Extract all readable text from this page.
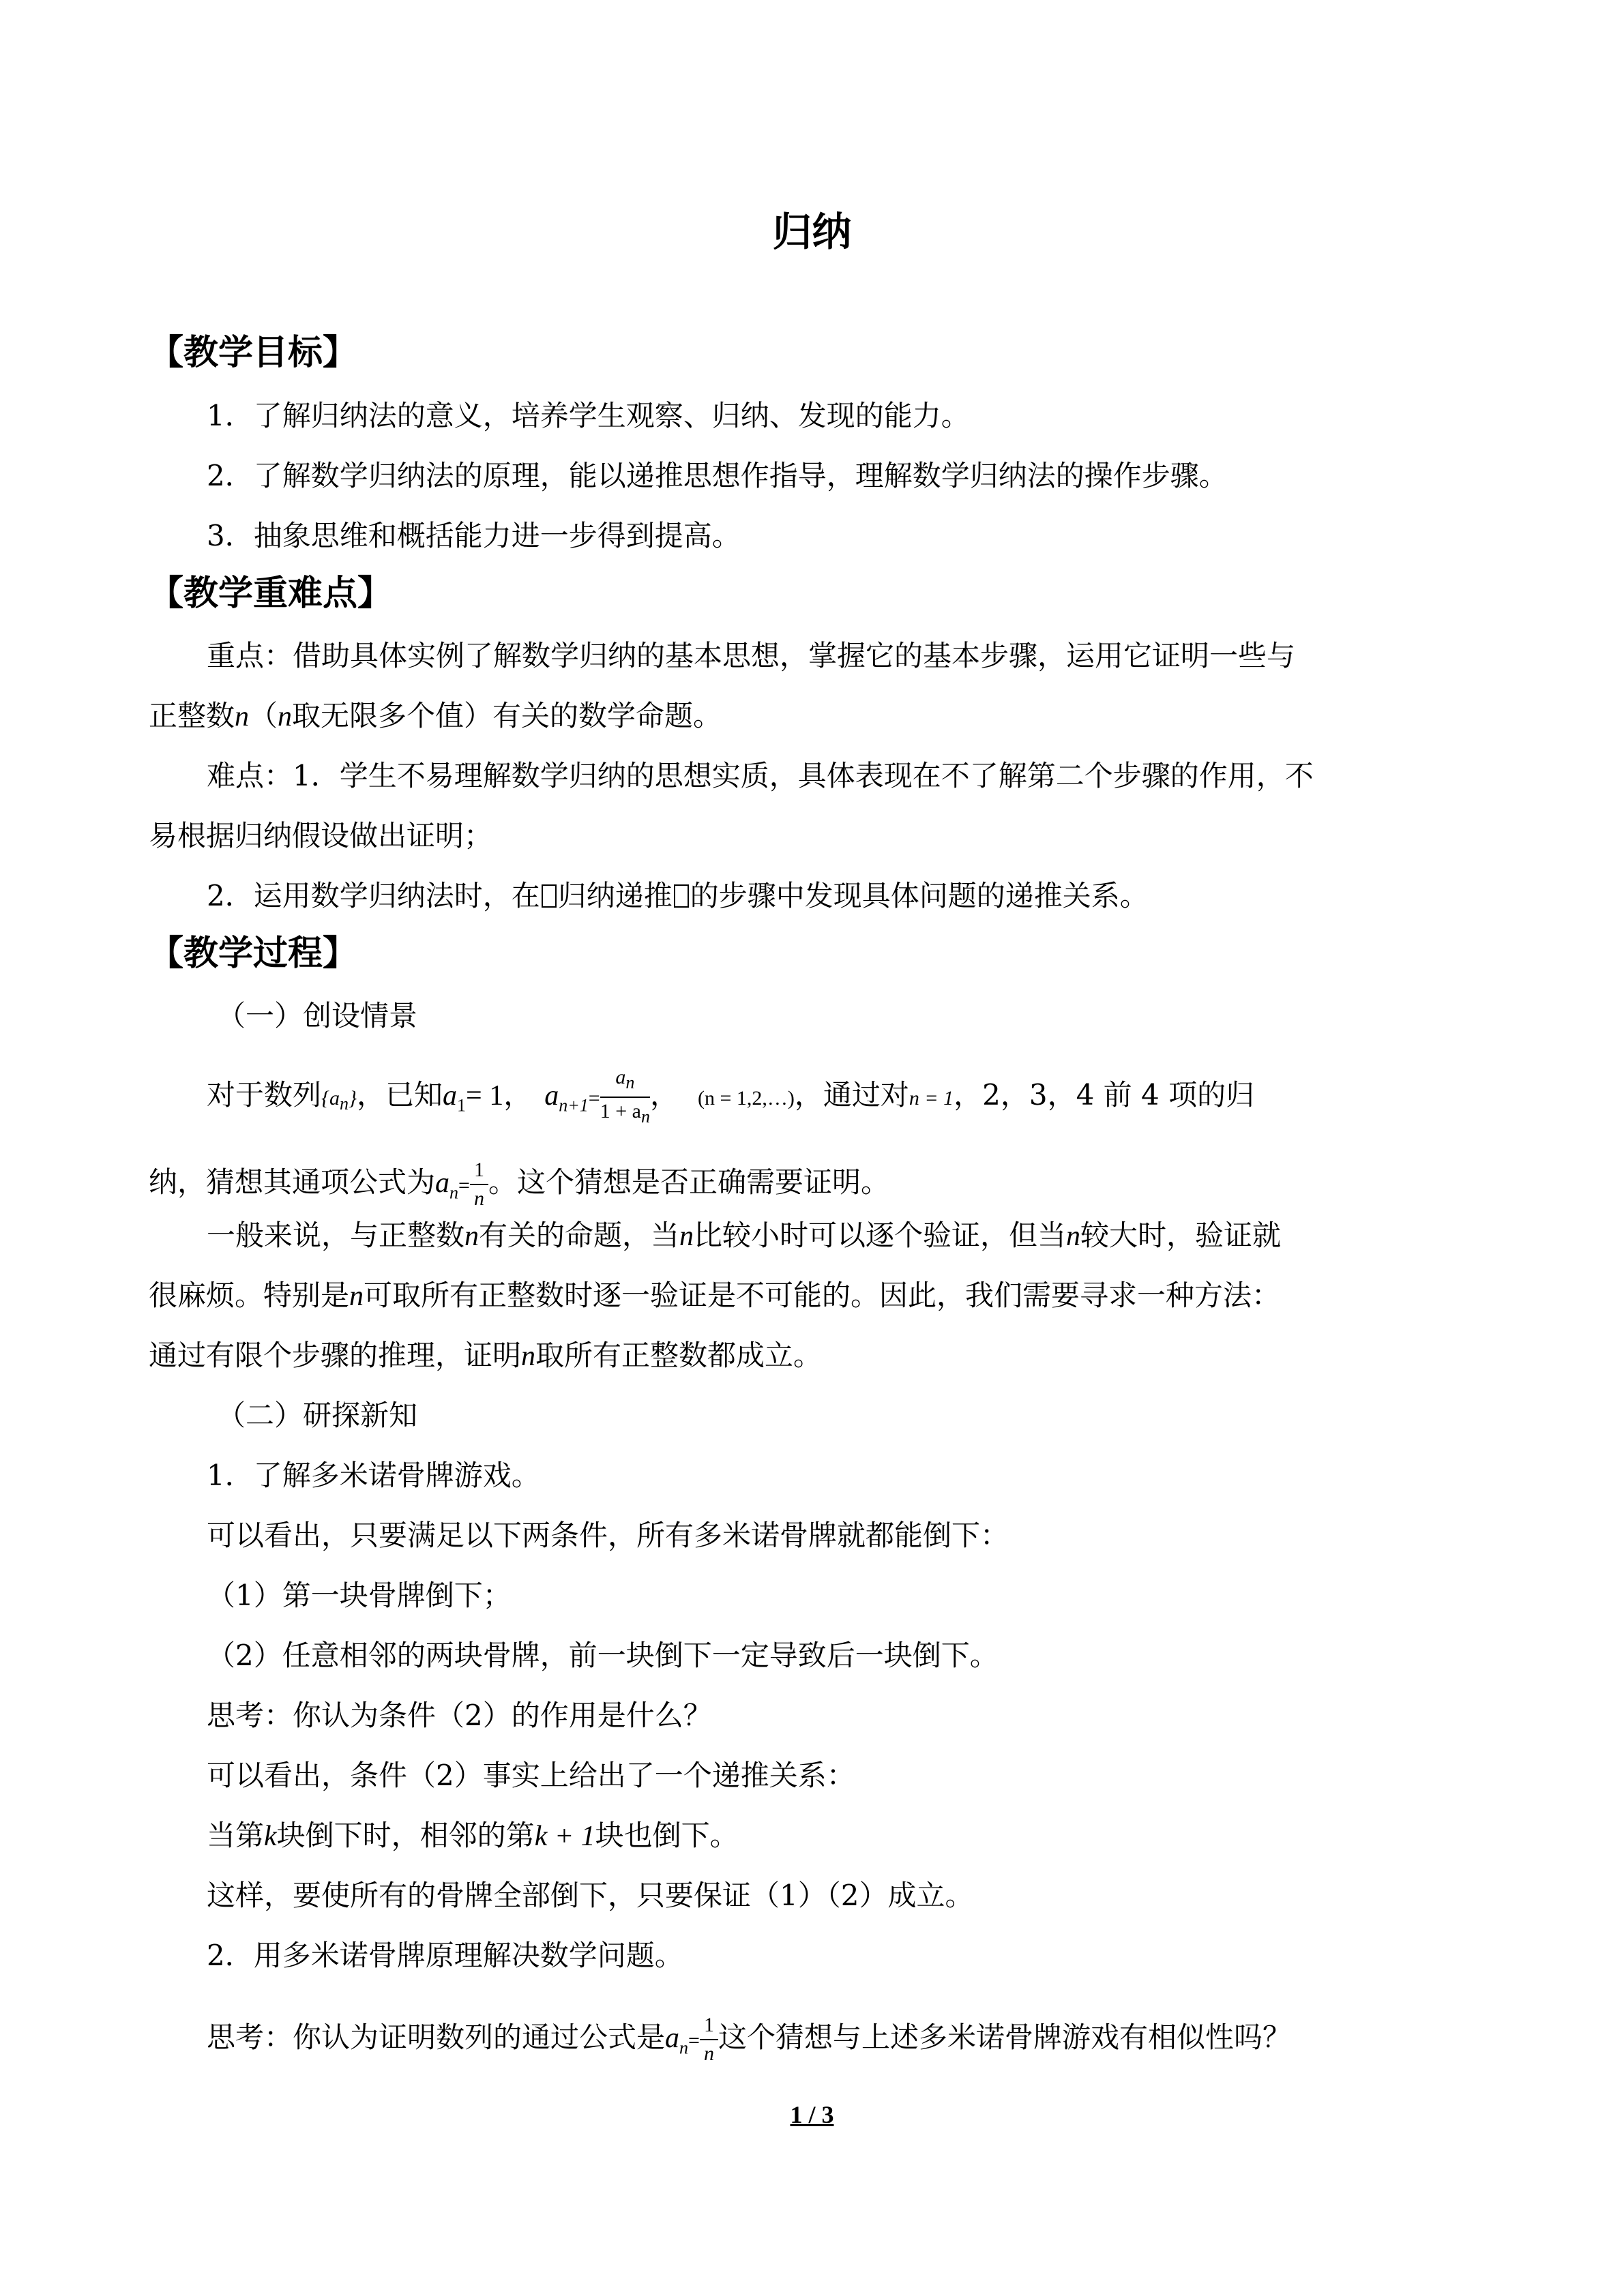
归纳
【教学目标】
1．了解归纳法的意义，培养学生观察、归纳、发现的能力。
2．了解数学归纳法的原理，能以递推思想作指导，理解数学归纳法的操作步骤。
3．抽象思维和概括能力进一步得到提高。
【教学重难点】
重点：借助具体实例了解数学归纳的基本思想，掌握它的基本步骤，运用它证明一些与
正整数n（n取无限多个值）有关的数学命题。
难点：1．学生不易理解数学归纳的思想实质，具体表现在不了解第二个步骤的作用，不
易根据归纳假设做出证明；
2．运用数学归纳法时，在 归纳递推 的步骤中发现具体问题的递推关系。
【教学过程】
（一）创设情景
对于数列$\{a_n\}$，已知$a_1= 1$， $a_{n+1}= \frac{a_n}{1 + a_n}$ ， (n = 1,2,…)，通过对n = 1，2，3，4 前 4 项的归
纳，猜想其通项公式为$a_n= \frac{1}{n}$ 。这个猜想是否正确需要证明。
一般来说，与正整数n有关的命题，当n比较小时可以逐个验证，但当n较大时，验证就
很麻烦。特别是n可取所有正整数时逐一验证是不可能的。因此，我们需要寻求一种方法：
通过有限个步骤的推理，证明n取所有正整数都成立。
（二）研探新知
1．了解多米诺骨牌游戏。
可以看出，只要满足以下两条件，所有多米诺骨牌就都能倒下：
（1）第一块骨牌倒下；
（2）任意相邻的两块骨牌，前一块倒下一定导致后一块倒下。
思考：你认为条件（2）的作用是什么？
可以看出，条件（2）事实上给出了一个递推关系：
当第k块倒下时，相邻的第k + 1块也倒下。
这样，要使所有的骨牌全部倒下，只要保证（1）（2）成立。
2．用多米诺骨牌原理解决数学问题。
思考：你认为证明数列的通过公式是$a_n= \frac{1}{n}$ 这个猜想与上述多米诺骨牌游戏有相似性吗？
1 / 3
